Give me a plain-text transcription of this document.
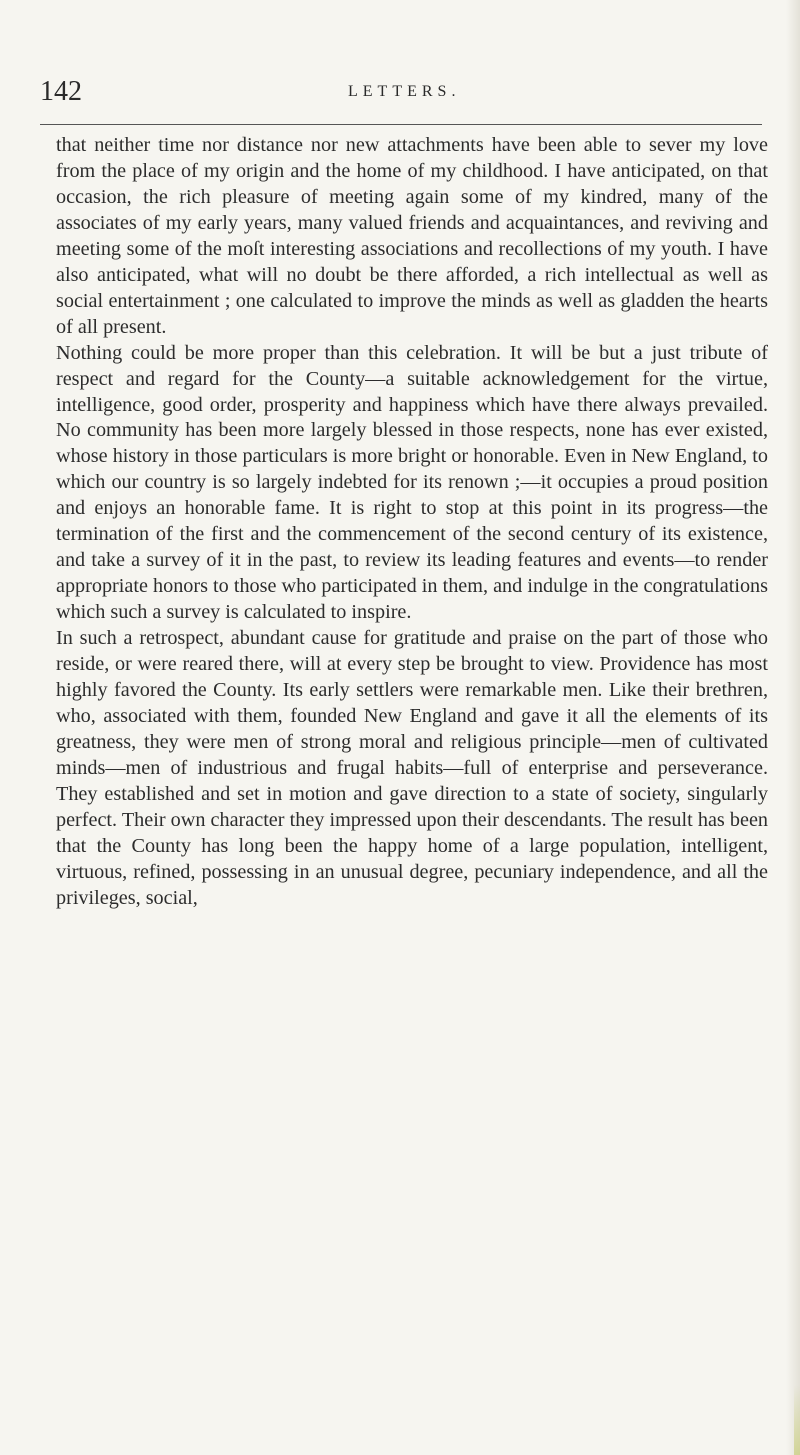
142	LETTERS.

that neither time nor distance nor new attachments have been able to sever my love from the place of my origin and the home of my childhood. I have anticipated, on that occasion, the rich pleasure of meeting again some of my kindred, many of the associates of my early years, many valued friends and acquaintances, and reviving and meeting some of the moſt interesting associations and recollections of my youth. I have also anticipated, what will no doubt be there afforded, a rich intellectual as well as social entertainment ; one calculated to improve the minds as well as gladden the hearts of all present.

Nothing could be more proper than this celebration. It will be but a just tribute of respect and regard for the County—a suitable acknowledgement for the virtue, intelligence, good order, prosperity and happiness which have there always prevailed. No community has been more largely blessed in those respects, none has ever existed, whose history in those particulars is more bright or honorable. Even in New England, to which our country is so largely indebted for its renown ;—it occupies a proud position and enjoys an honorable fame. It is right to stop at this point in its progress—the termination of the first and the commencement of the second century of its existence, and take a survey of it in the past, to review its leading features and events—to render appropriate honors to those who participated in them, and indulge in the congratulations which such a survey is calculated to inspire.

In such a retrospect, abundant cause for gratitude and praise on the part of those who reside, or were reared there, will at every step be brought to view. Providence has most highly favored the County. Its early settlers were remarkable men. Like their brethren, who, associated with them, founded New England and gave it all the elements of its greatness, they were men of strong moral and religious principle—men of cultivated minds—men of industrious and frugal habits—full of enterprise and perseverance. They established and set in motion and gave direction to a state of society, singularly perfect. Their own character they impressed upon their descendants. The result has been that the County has long been the happy home of a large population, intelligent, virtuous, refined, possessing in an unusual degree, pecuniary independence, and all the privileges, social,
